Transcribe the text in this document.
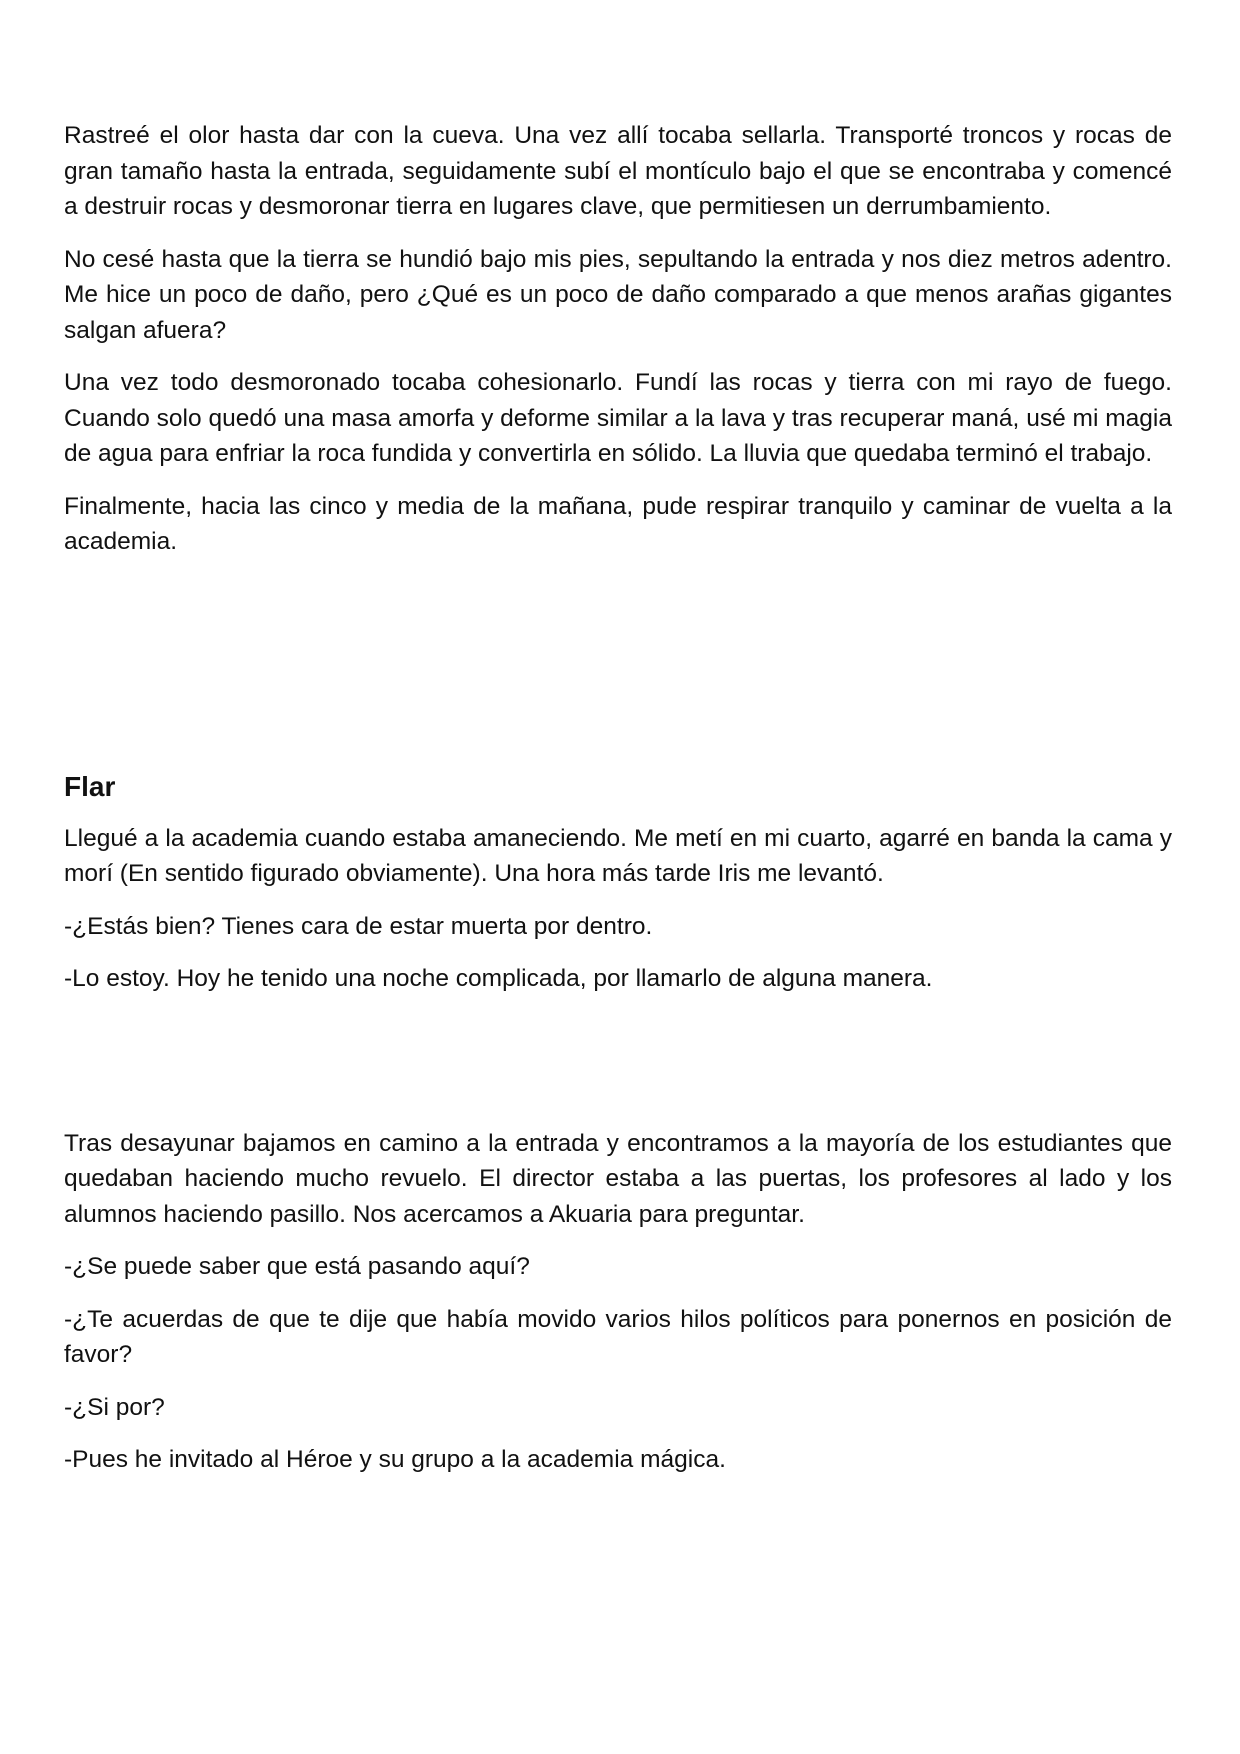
Rastreé el olor hasta dar con la cueva. Una vez allí tocaba sellarla. Transporté troncos y rocas de gran tamaño hasta la entrada, seguidamente subí el montículo bajo el que se encontraba y comencé a destruir rocas y desmoronar tierra en lugares clave, que permitiesen un derrumbamiento.

No cesé hasta que la tierra se hundió bajo mis pies, sepultando la entrada y nos diez metros adentro. Me hice un poco de daño, pero ¿Qué es un poco de daño comparado a que menos arañas gigantes salgan afuera?

Una vez todo desmoronado tocaba cohesionarlo. Fundí las rocas y tierra con mi rayo de fuego. Cuando solo quedó una masa amorfa y deforme similar a la lava y tras recuperar maná, usé mi magia de agua para enfriar la roca fundida y convertirla en sólido. La lluvia que quedaba terminó el trabajo.

Finalmente, hacia las cinco y media de la mañana, pude respirar tranquilo y caminar de vuelta a la academia.

Flar

Llegué a la academia cuando estaba amaneciendo. Me metí en mi cuarto, agarré en banda la cama y morí (En sentido figurado obviamente). Una hora más tarde Iris me levantó.

-¿Estás bien? Tienes cara de estar muerta por dentro.

-Lo estoy. Hoy he tenido una noche complicada, por llamarlo de alguna manera.

Tras desayunar bajamos en camino a la entrada y encontramos a la mayoría de los estudiantes que quedaban haciendo mucho revuelo. El director estaba a las puertas, los profesores al lado y los alumnos haciendo pasillo. Nos acercamos a Akuaria para preguntar.

-¿Se puede saber que está pasando aquí?

-¿Te acuerdas de que te dije que había movido varios hilos políticos para ponernos en posición de favor?

-¿Si por?

-Pues he invitado al Héroe y su grupo a la academia mágica.
